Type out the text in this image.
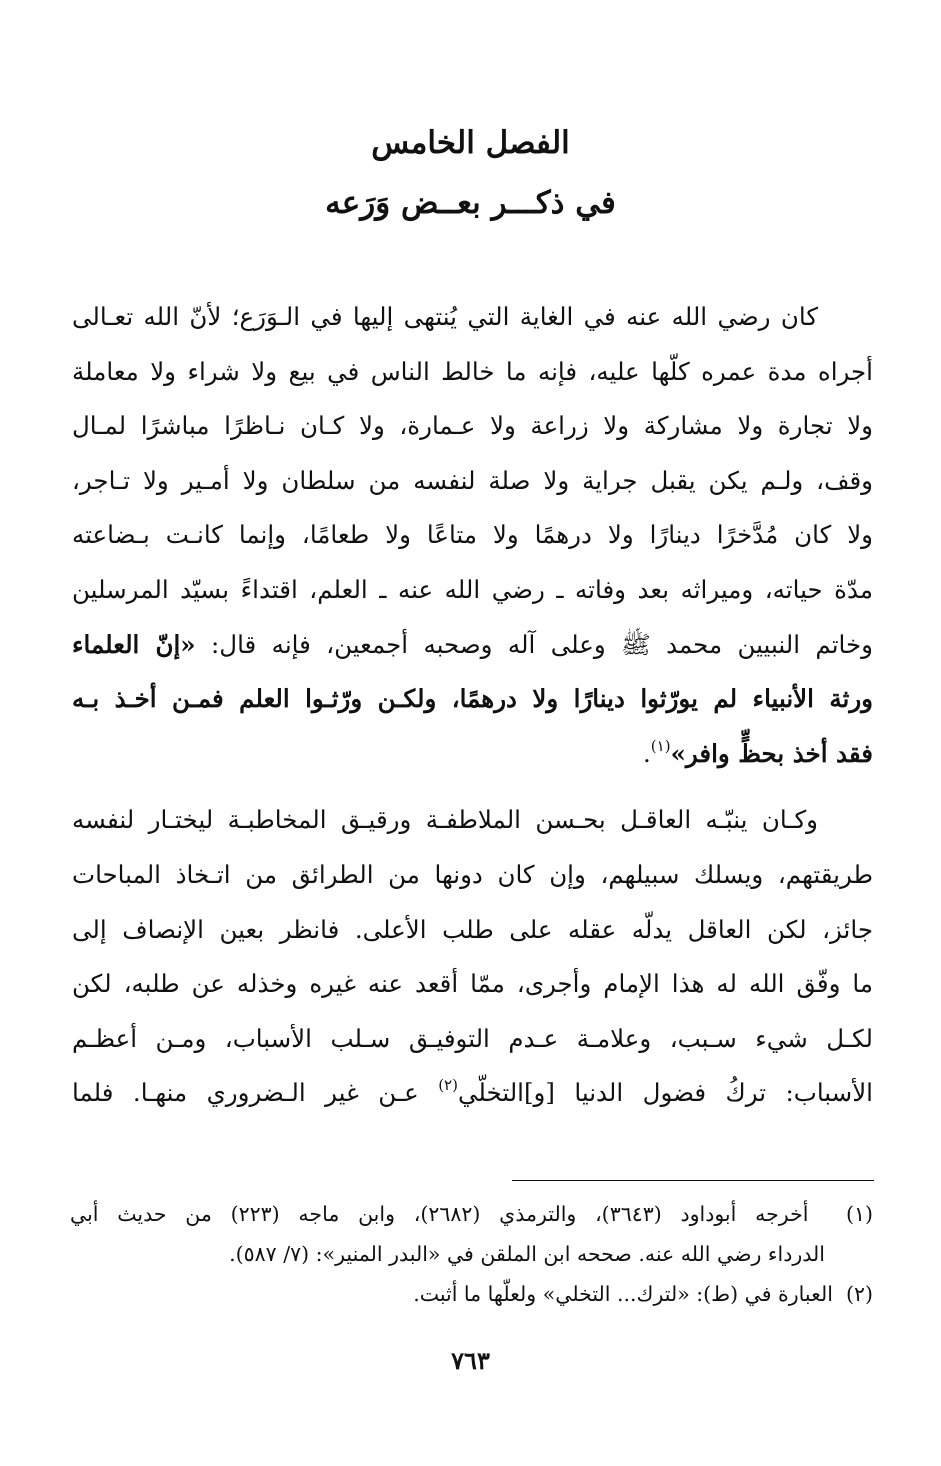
الفصل الخامس
في ذكـــر بعــض وَرَعه
كان رضي الله عنه في الغاية التي يُنتهى إليها في الـوَرَع؛ لأنّ الله تعـالى
أجراه مدة عمره كلّها عليه، فإنه ما خالط الناس في بيع ولا شراء ولا معاملة
ولا تجارة ولا مشاركة ولا زراعة ولا عـمارة، ولا كـان نـاظرًا مباشرًا لمـال
وقف، ولـم يكن يقبل جراية ولا صلة لنفسه من سلطان ولا أمـير ولا تـاجر،
ولا كان مُدَّخرًا دينارًا ولا درهمًا ولا متاعًا ولا طعامًا، وإنما كانـت بـضاعته
مدّة حياته، وميراثه بعد وفاته ـ رضي الله عنه ـ العلم، اقتداءً بسيّد المرسلين
وخاتم النبيين محمد ﷺ وعلى آله وصحبه أجمعين، فإنه قال: «إنّ العلماء
ورثة الأنبياء لم يورّثوا دينارًا ولا درهمًا، ولكـن ورّثـوا العلم فمـن أخـذ بـه
فقد أخذ بحظٍّ وافر»$^{(١)}$.
وكـان ينبّـه العاقـل بحـسن الملاطفـة ورقيـق المخاطبـة ليختـار لنفسه
طريقتهم، ويسلك سبيلهم، وإن كان دونها من الطرائق من اتـخاذ المباحات
جائز، لكن العاقل يدلّه عقله على طلب الأعلى. فانظر بعين الإنصاف إلى
ما وفّق الله له هذا الإمام وأجرى، ممّا أقعد عنه غيره وخذله عن طلبه، لكن
لكـل شيء سـبب، وعلامـة عـدم التوفيـق سـلب الأسباب، ومـن أعظـم
الأسباب: تركُ فضول الدنيا [و]التخلّي$^{(٢)}$ عـن غير الـضروري منهـا. فلما
(١)  أخرجه أبوداود (٣٦٤٣)، والترمذي (٢٦٨٢)، وابن ماجه (٢٢٣) من حديث أبي
الدرداء رضي الله عنه. صححه ابن الملقن في «البدر المنير»: (٧/ ٥٨٧).
(٢)  العبارة في (ط): «لترك... التخلي» ولعلّها ما أثبت.
٧٦٣
